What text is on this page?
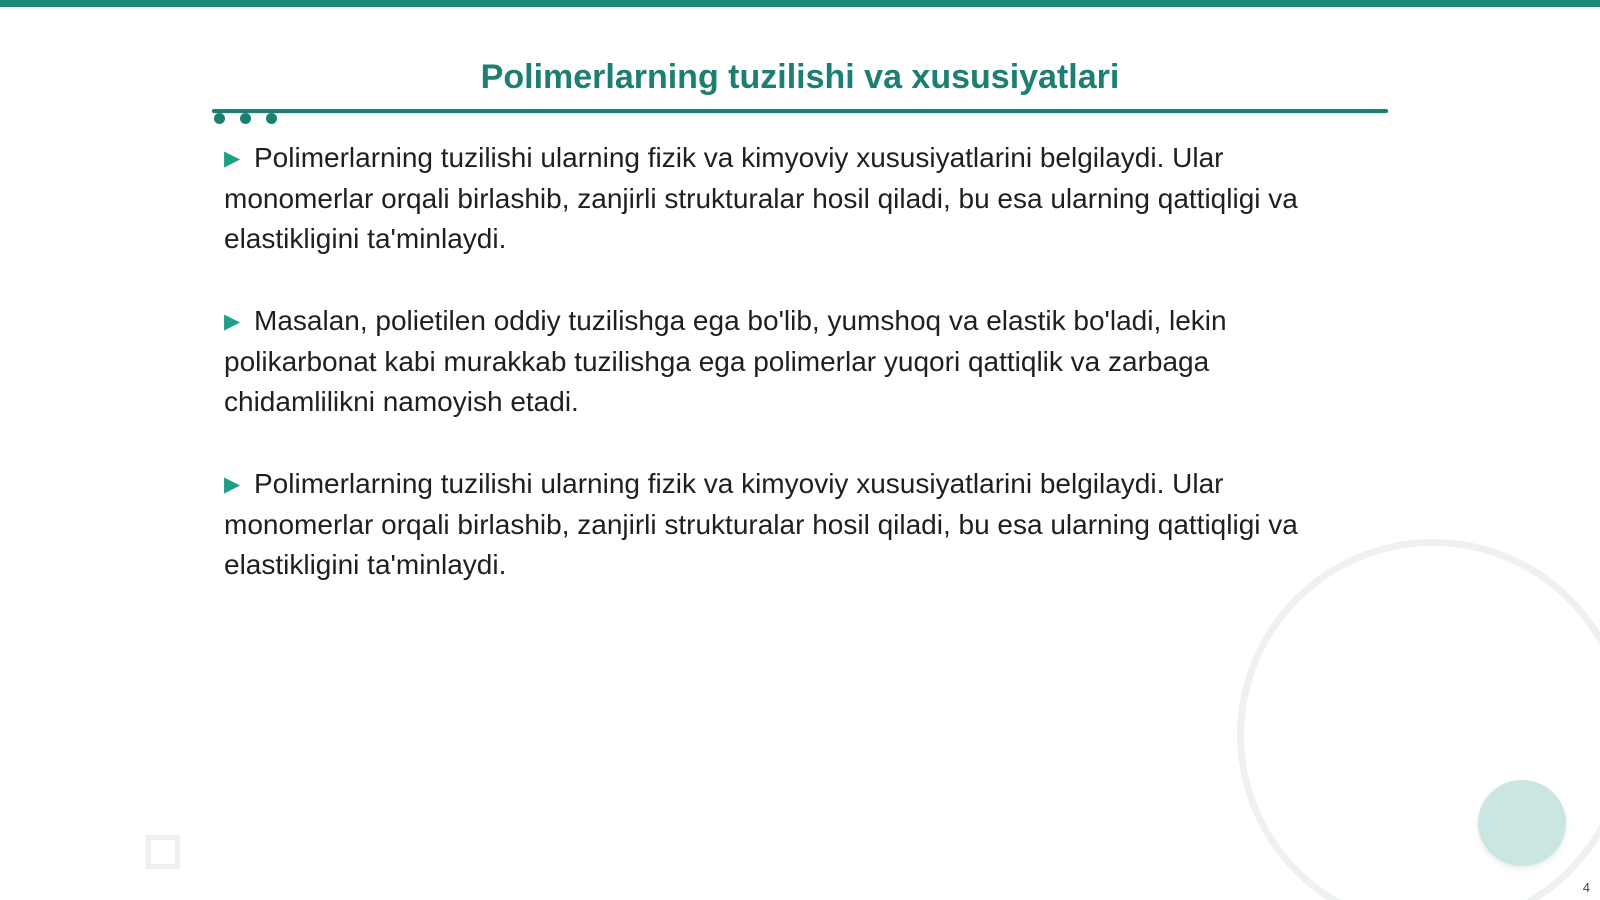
Polimerlarning tuzilishi va xususiyatlari

▶ Polimerlarning tuzilishi ularning fizik va kimyoviy xususiyatlarini belgilaydi. Ular monomerlar orqali birlashib, zanjirli strukturalar hosil qiladi, bu esa ularning qattiqligi va elastikligini ta'minlaydi.

▶ Masalan, polietilen oddiy tuzilishga ega bo'lib, yumshoq va elastik bo'ladi, lekin polikarbonat kabi murakkab tuzilishga ega polimerlar yuqori qattiqlik va zarbaga chidamlilikni namoyish etadi.

▶ Polimerlarning tuzilishi ularning fizik va kimyoviy xususiyatlarini belgilaydi. Ular monomerlar orqali birlashib, zanjirli strukturalar hosil qiladi, bu esa ularning qattiqligi va elastikligini ta'minlaydi.

4
